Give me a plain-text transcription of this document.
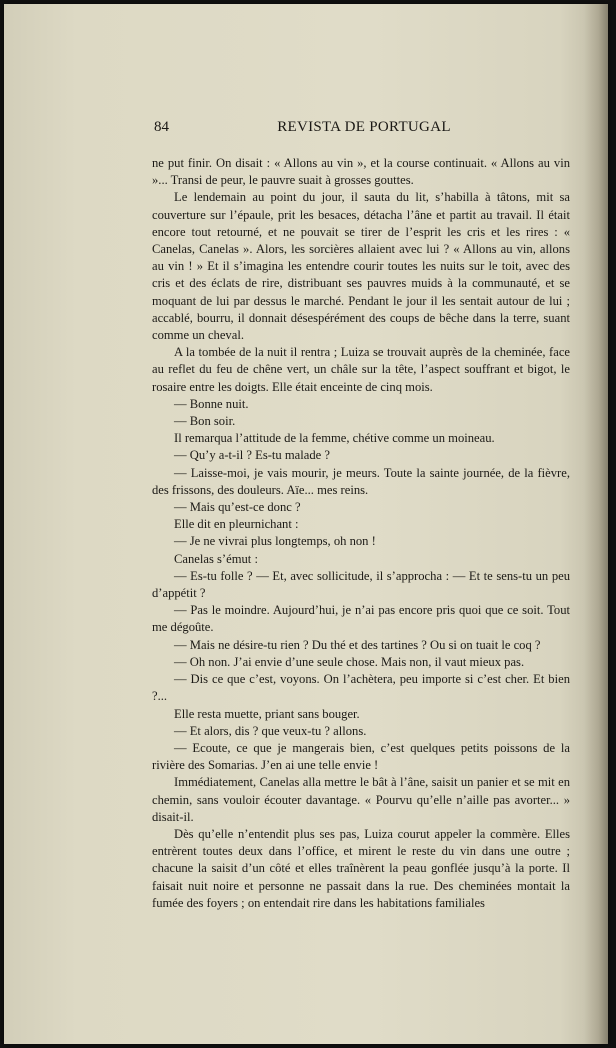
84	REVISTA DE PORTUGAL

ne put finir. On disait : « Allons au vin », et la course continuait. « Allons au vin »... Transi de peur, le pauvre suait à grosses gouttes.

Le lendemain au point du jour, il sauta du lit, s’habilla à tâtons, mit sa couverture sur l’épaule, prit les besaces, détacha l’âne et partit au travail. Il était encore tout retourné, et ne pouvait se tirer de l’esprit les cris et les rires : « Canelas, Canelas ». Alors, les sorcières allaient avec lui ? « Allons au vin, allons au vin ! » Et il s’imagina les entendre courir toutes les nuits sur le toit, avec des cris et des éclats de rire, distribuant ses pauvres muids à la communauté, et se moquant de lui par dessus le marché. Pendant le jour il les sentait autour de lui ; accablé, bourru, il donnait désespérément des coups de bêche dans la terre, suant comme un cheval.

A la tombée de la nuit il rentra ; Luiza se trouvait auprès de la cheminée, face au reflet du feu de chêne vert, un châle sur la tête, l’aspect souffrant et bigot, le rosaire entre les doigts. Elle était enceinte de cinq mois.

— Bonne nuit.

— Bon soir.

Il remarqua l’attitude de la femme, chétive comme un moineau.

— Qu’y a-t-il ? Es-tu malade ?

— Laisse-moi, je vais mourir, je meurs. Toute la sainte journée, de la fièvre, des frissons, des douleurs. Aïe... mes reins.

— Mais qu’est-ce donc ?

Elle dit en pleurnichant :

— Je ne vivrai plus longtemps, oh non !

Canelas s’émut :

— Es-tu folle ? — Et, avec sollicitude, il s’approcha : — Et te sens-tu un peu d’appétit ?

— Pas le moindre. Aujourd’hui, je n’ai pas encore pris quoi que ce soit. Tout me dégoûte.

— Mais ne désire-tu rien ? Du thé et des tartines ? Ou si on tuait le coq ?

— Oh non. J’ai envie d’une seule chose. Mais non, il vaut mieux pas.

— Dis ce que c’est, voyons. On l’achètera, peu importe si c’est cher. Et bien ?...

Elle resta muette, priant sans bouger.

— Et alors, dis ? que veux-tu ? allons.

— Ecoute, ce que je mangerais bien, c’est quelques petits poissons de la rivière des Somarias. J’en ai une telle envie !

Immédiatement, Canelas alla mettre le bât à l’âne, saisit un panier et se mit en chemin, sans vouloir écouter davantage. « Pourvu qu’elle n’aille pas avorter... » disait-il.

Dès qu’elle n’entendit plus ses pas, Luiza courut appeler la commère. Elles entrèrent toutes deux dans l’office, et mirent le reste du vin dans une outre ; chacune la saisit d’un côté et elles traînèrent la peau gonflée jusqu’à la porte. Il faisait nuit noire et personne ne passait dans la rue. Des cheminées montait la fumée des foyers ; on entendait rire dans les habitations familiales
